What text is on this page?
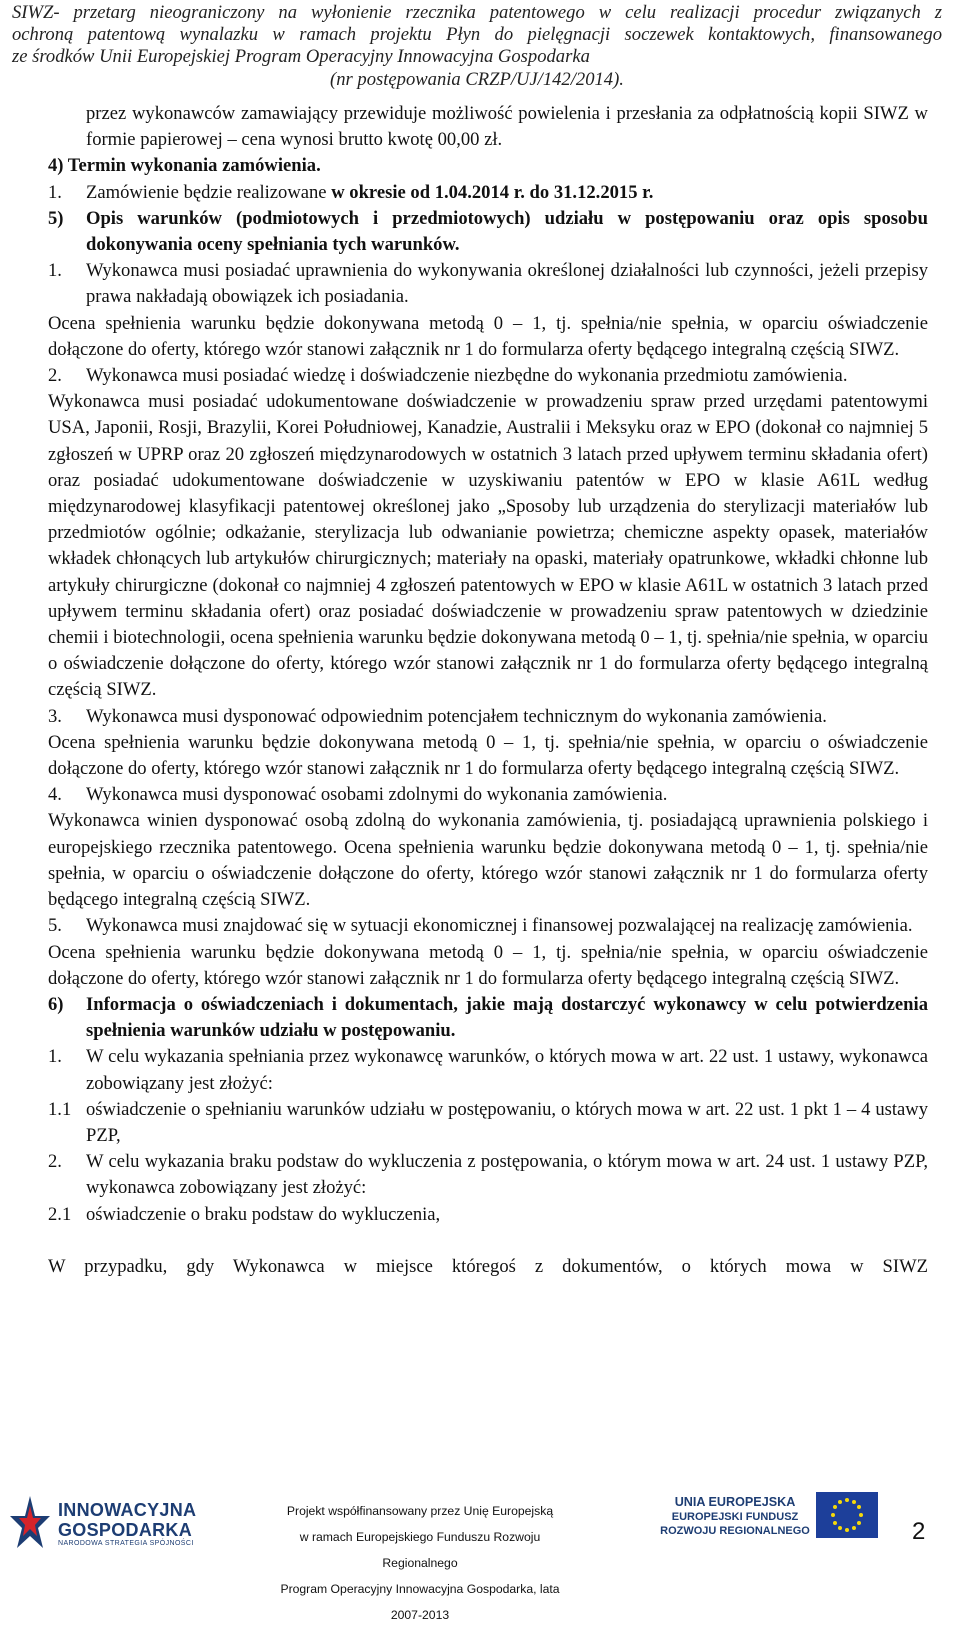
SIWZ- przetarg nieograniczony na wyłonienie rzecznika patentowego w celu realizacji procedur związanych z
ochroną patentową wynalazku w ramach projektu Płyn do pielęgnacji soczewek kontaktowych, finansowanego
ze środków Unii Europejskiej Program Operacyjny Innowacyjna Gospodarka
(nr postępowania CRZP/UJ/142/2014).

przez wykonawców zamawiający przewiduje możliwość powielenia i przesłania za odpłatnością kopii SIWZ w formie papierowej – cena wynosi brutto kwotę 00,00 zł.

4) Termin wykonania zamówienia.

1.	Zamówienie będzie realizowane w okresie od 1.04.2014 r. do 31.12.2015 r.
5)	Opis warunków (podmiotowych i przedmiotowych) udziału w postępowaniu oraz opis sposobu dokonywania oceny spełniania tych warunków.
1.	Wykonawca musi posiadać uprawnienia do wykonywania określonej działalności lub czynności, jeżeli przepisy prawa nakładają obowiązek ich posiadania.

Ocena spełnienia warunku będzie dokonywana metodą 0 – 1, tj. spełnia/nie spełnia, w oparciu oświadczenie dołączone do oferty, którego wzór stanowi załącznik nr 1 do formularza oferty będącego integralną częścią SIWZ.

2.	Wykonawca musi posiadać wiedzę i doświadczenie niezbędne do wykonania przedmiotu zamówienia.

Wykonawca musi posiadać udokumentowane doświadczenie w prowadzeniu spraw przed urzędami patentowymi USA, Japonii, Rosji, Brazylii, Korei Południowej, Kanadzie, Australii i Meksyku oraz w EPO (dokonał co najmniej 5 zgłoszeń w UPRP oraz 20 zgłoszeń międzynarodowych w ostatnich 3 latach przed upływem terminu składania ofert) oraz posiadać udokumentowane doświadczenie w uzyskiwaniu patentów w EPO w klasie A61L według międzynarodowej klasyfikacji patentowej określonej jako „Sposoby lub urządzenia do sterylizacji materiałów lub przedmiotów ogólnie; odkażanie, sterylizacja lub odwanianie powietrza; chemiczne aspekty opasek, materiałów wkładek chłonących lub artykułów chirurgicznych; materiały na opaski, materiały opatrunkowe, wkładki chłonne lub artykuły chirurgiczne (dokonał co najmniej 4 zgłoszeń patentowych w EPO w klasie A61L w ostatnich 3 latach przed upływem terminu składania ofert) oraz posiadać doświadczenie w prowadzeniu spraw patentowych w dziedzinie chemii i biotechnologii, ocena spełnienia warunku będzie dokonywana metodą 0 – 1, tj. spełnia/nie spełnia, w oparciu o oświadczenie dołączone do oferty, którego wzór stanowi załącznik nr 1 do formularza oferty będącego integralną częścią SIWZ.

3.	Wykonawca musi dysponować odpowiednim potencjałem technicznym do wykonania zamówienia.

Ocena spełnienia warunku będzie dokonywana metodą 0 – 1, tj. spełnia/nie spełnia, w oparciu o oświadczenie dołączone do oferty, którego wzór stanowi załącznik nr 1 do formularza oferty będącego integralną częścią SIWZ.

4.	Wykonawca musi dysponować osobami zdolnymi do wykonania zamówienia.

Wykonawca winien dysponować osobą zdolną do wykonania zamówienia, tj. posiadającą uprawnienia polskiego i europejskiego rzecznika patentowego. Ocena spełnienia warunku będzie dokonywana metodą 0 – 1, tj. spełnia/nie spełnia, w oparciu o oświadczenie dołączone do oferty, którego wzór stanowi załącznik nr 1 do formularza oferty będącego integralną częścią SIWZ.

5.	Wykonawca musi znajdować się w sytuacji ekonomicznej i finansowej pozwalającej na realizację zamówienia.

Ocena spełnienia warunku będzie dokonywana metodą 0 – 1, tj. spełnia/nie spełnia, w oparciu oświadczenie dołączone do oferty, którego wzór stanowi załącznik nr 1 do formularza oferty będącego integralną częścią SIWZ.

6)	Informacja o oświadczeniach i dokumentach, jakie mają dostarczyć wykonawcy w celu potwierdzenia spełnienia warunków udziału w postępowaniu.
1.	W celu wykazania spełniania przez wykonawcę warunków, o których mowa w art. 22 ust. 1 ustawy, wykonawca zobowiązany jest złożyć:
1.1 oświadczenie o spełnianiu warunków udziału w postępowaniu, o których mowa w art. 22 ust. 1 pkt 1 – 4 ustawy PZP,
2.	W celu wykazania braku podstaw do wykluczenia z postępowania, o którym mowa w art. 24 ust. 1 ustawy PZP, wykonawca zobowiązany jest złożyć:
2.1 oświadczenie o braku podstaw do wykluczenia,

W przypadku, gdy Wykonawca w miejsce któregoś z dokumentów, o których mowa w SIWZ

INNOWACYJNA
GOSPODARKA
NARODOWA STRATEGIA SPÓJNOŚCI
Projekt współfinansowany przez Unię Europejską
w ramach Europejskiego Funduszu Rozwoju Regionalnego
Program Operacyjny Innowacyjna Gospodarka, lata 2007-2013
UNIA EUROPEJSKA
EUROPEJSKI FUNDUSZ
ROZWOJU REGIONALNEGO	2
